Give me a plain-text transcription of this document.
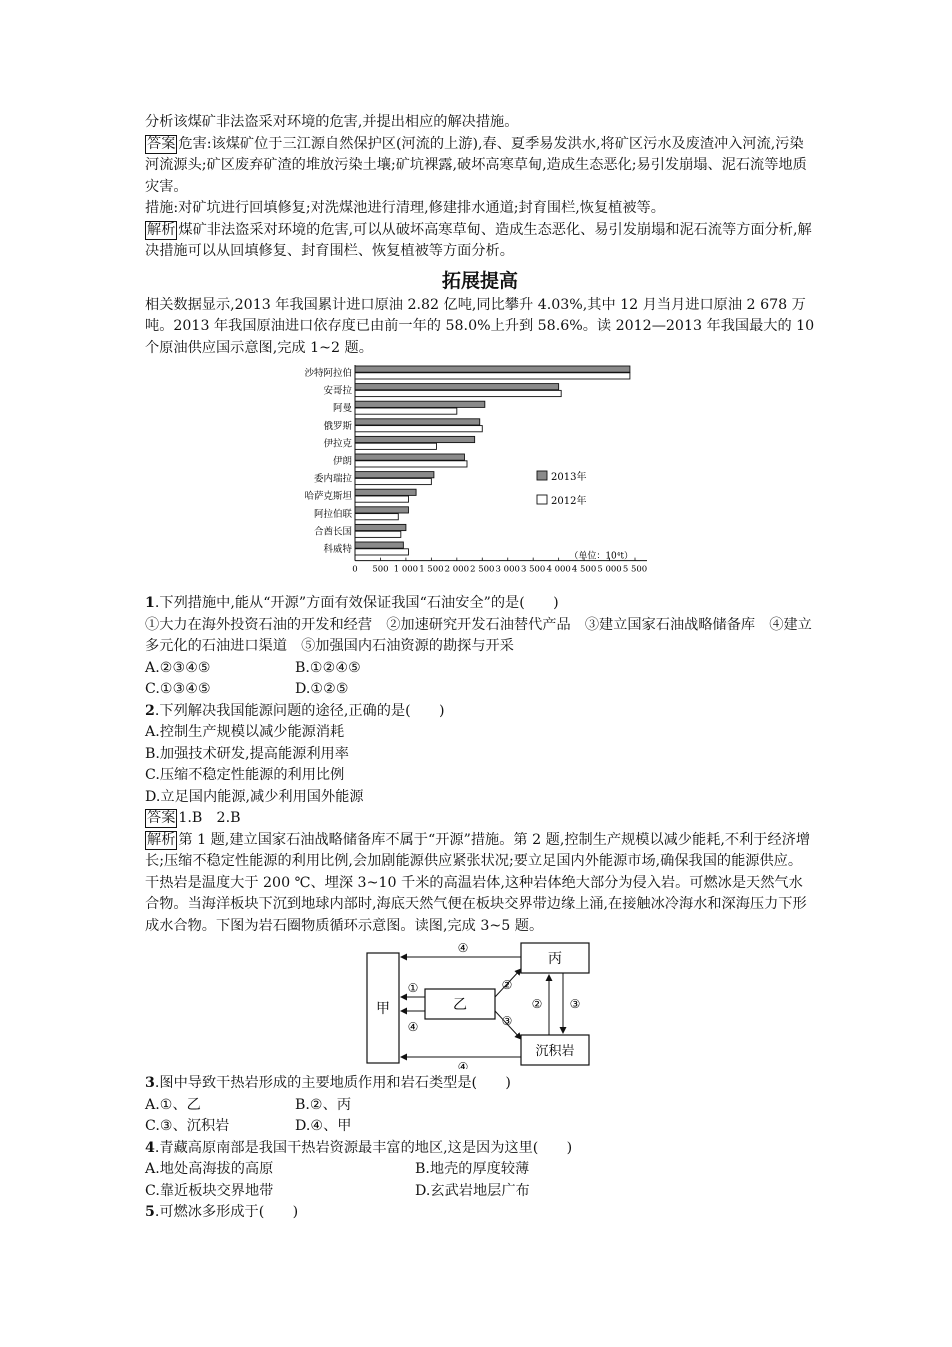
分析该煤矿非法盗采对环境的危害,并提出相应的解决措施。

答案 危害:该煤矿位于三江源自然保护区(河流的上游),春、夏季易发洪水,将矿区污水及废渣冲入河流,污染河流源头;矿区废弃矿渣的堆放污染土壤;矿坑裸露,破坏高寒草甸,造成生态恶化;易引发崩塌、泥石流等地质灾害。

措施:对矿坑进行回填修复;对洗煤池进行清理,修建排水通道;封育围栏,恢复植被等。

解析 煤矿非法盗采对环境的危害,可以从破坏高寒草甸、造成生态恶化、易引发崩塌和泥石流等方面分析,解决措施可以从回填修复、封育围栏、恢复植被等方面分析。

拓展提高

相关数据显示,2013 年我国累计进口原油 2.82 亿吨,同比攀升 4.03%,其中 12 月当月进口原油 2 678 万吨。2013 年我国原油进口依存度已由前一年的 58.0%上升到 58.6%。读 2012—2013 年我国最大的 10 个原油供应国示意图,完成 1~2 题。

沙特阿拉伯
安哥拉
阿曼
俄罗斯
伊拉克
伊朗
委内瑞拉
哈萨克斯坦
阿拉伯联
合酋长国
科威特
0 500 1 000 1 500 2 000 2 500 3 000 3 500 4 000 4 500 5 000 5 500
（单位：10⁴t）
2013年
2012年

1.下列措施中,能从“开源”方面有效保证我国“石油安全”的是(　　)

①大力在海外投资石油的开发和经营　②加速研究开发石油替代产品　③建立国家石油战略储备库　④建立多元化的石油进口渠道　⑤加强国内石油资源的勘探与开采

A.②③④⑤	B.①②④⑤
C.①③④⑤	D.①②⑤

2.下列解决我国能源问题的途径,正确的是(　　)

A.控制生产规模以减少能源消耗

B.加强技术研发,提高能源利用率

C.压缩不稳定性能源的利用比例

D.立足国内能源,减少利用国外能源

答案 1.B　2.B

解析 第 1 题,建立国家石油战略储备库不属于“开源”措施。第 2 题,控制生产规模以减少能耗,不利于经济增长;压缩不稳定性能源的利用比例,会加剧能源供应紧张状况;要立足国内外能源市场,确保我国的能源供应。

干热岩是温度大于 200 ℃、埋深 3~10 千米的高温岩体,这种岩体绝大部分为侵入岩。可燃冰是天然气水合物。当海洋板块下沉到地球内部时,海底天然气便在板块交界带边缘上涌,在接触冰冷海水和深海压力下形成水合物。下图为岩石圈物质循环示意图。读图,完成 3~5 题。

甲	乙
丙
沉积岩
④
①	②
③
④
② ③
④

3.图中导致干热岩形成的主要地质作用和岩石类型是(　　)

A.①、乙	B.②、丙
C.③、沉积岩	D.④、甲

4.青藏高原南部是我国干热岩资源最丰富的地区,这是因为这里(　　)

A.地处高海拔的高原	B.地壳的厚度较薄
C.靠近板块交界地带	D.玄武岩地层广布

5.可燃冰多形成于(　　)
